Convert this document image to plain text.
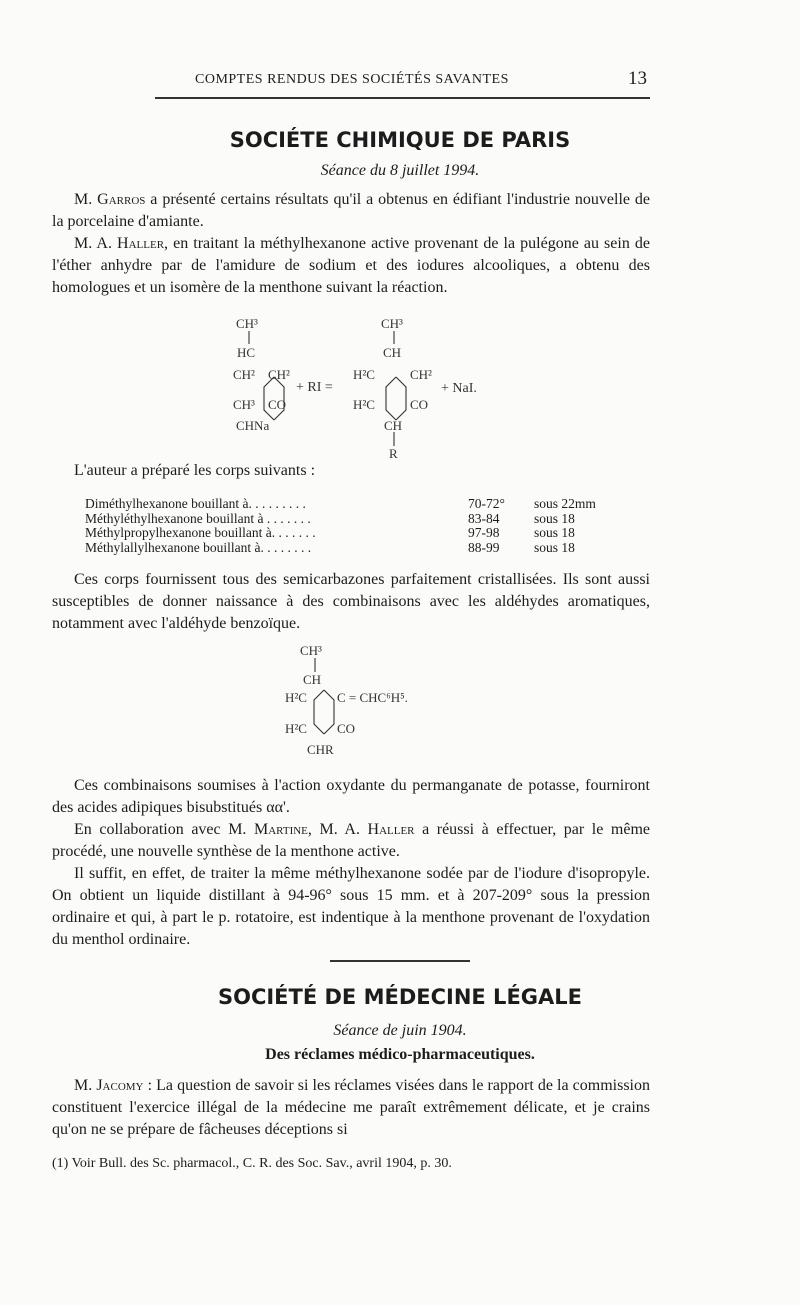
COMPTES RENDUS DES SOCIÉTÉS SAVANTES	13
SOCIÉTE CHIMIQUE DE PARIS
Séance du 8 juillet 1994.

M. Garros a présenté certains résultats qu'il a obtenus en édifiant l'industrie nouvelle de la porcelaine d'amiante.

M. A. Haller, en traitant la méthylhexanone active provenant de la pulégone au sein de l'éther anhydre par de l'amidure de sodium et des iodures alcooliques, a obtenu des homologues et un isomère de la menthone suivant la réaction.

CH³
HC
CH² CH²
CH³ CO
CHNa
+ RI =
CH³
CH
H²C	CH²
H²C	CO
CH
R
+ NaI.

L'auteur a préparé les corps suivants :

Diméthylhexanone bouillant à. . . . . . . . .	70-72°	sous 22mm
Méthyléthylhexanone bouillant à . . . . . . .	83-84	sous 18
Méthylpropylhexanone bouillant à. . . . . . .	97-98	sous 18
Méthylallylhexanone bouillant à. . . . . . . .	88-99	sous 18

Ces corps fournissent tous des semicarbazones parfaitement cristallisées. Ils sont aussi susceptibles de donner naissance à des combinaisons avec les aldéhydes aromatiques, notamment avec l'aldéhyde benzoïque.

CH³
CH
H²C C = CHC⁶H⁵.
H²C CO
CHR

Ces combinaisons soumises à l'action oxydante du permanganate de potasse, fourniront des acides adipiques bisubstitués αα'.

En collaboration avec M. Martine, M. A. Haller a réussi à effectuer, par le même procédé, une nouvelle synthèse de la menthone active.

Il suffit, en effet, de traiter la même méthylhexanone sodée par de l'iodure d'isopropyle. On obtient un liquide distillant à 94-96° sous 15 mm. et à 207-209° sous la pression ordinaire et qui, à part le p. rotatoire, est indentique à la menthone provenant de l'oxydation du menthol ordinaire.

SOCIÉTÉ DE MÉDECINE LÉGALE
Séance de juin 1904.
Des réclames médico-pharmaceutiques.

M. Jacomy : La question de savoir si les réclames visées dans le rapport de la commission constituent l'exercice illégal de la médecine me paraît extrêmement délicate, et je crains qu'on ne se prépare de fâcheuses déceptions si

(1) Voir Bull. des Sc. pharmacol., C. R. des Soc. Sav., avril 1904, p. 30.
